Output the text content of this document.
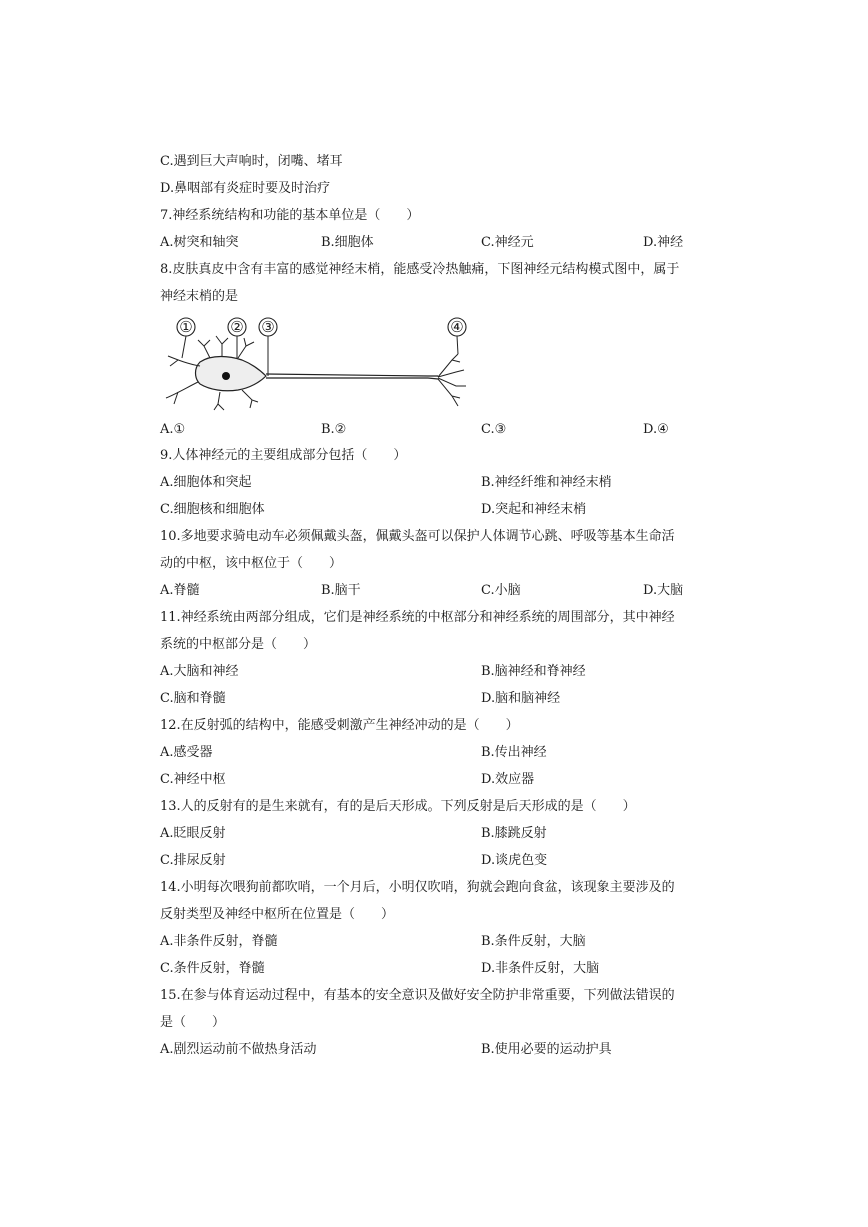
C.遇到巨大声响时，闭嘴、堵耳
D.鼻咽部有炎症时要及时治疗
7.神经系统结构和功能的基本单位是（　　）
A.树突和轴突	B.细胞体	C.神经元	D.神经
8.皮肤真皮中含有丰富的感觉神经末梢，能感受冷热触痛，下图神经元结构模式图中，属于
神经末梢的是
①	② ③	④
A.①	B.②	C.③	D.④
9.人体神经元的主要组成部分包括（　　）
A.细胞体和突起	B.神经纤维和神经末梢
C.细胞核和细胞体	D.突起和神经末梢
10.多地要求骑电动车必须佩戴头盔，佩戴头盔可以保护人体调节心跳、呼吸等基本生命活
动的中枢，该中枢位于（　　）
A.脊髓	B.脑干	C.小脑	D.大脑
11.神经系统由两部分组成，它们是神经系统的中枢部分和神经系统的周围部分，其中神经
系统的中枢部分是（　　）
A.大脑和神经	B.脑神经和脊神经
C.脑和脊髓	D.脑和脑神经
12.在反射弧的结构中，能感受刺激产生神经冲动的是（　　）
A.感受器	B.传出神经
C.神经中枢	D.效应器
13.人的反射有的是生来就有，有的是后天形成。下列反射是后天形成的是（　　）
A.眨眼反射	B.膝跳反射
C.排尿反射	D.谈虎色变
14.小明每次喂狗前都吹哨，一个月后，小明仅吹哨，狗就会跑向食盆，该现象主要涉及的
反射类型及神经中枢所在位置是（　　）
A.非条件反射，脊髓	B.条件反射，大脑
C.条件反射，脊髓	D.非条件反射，大脑
15.在参与体育运动过程中，有基本的安全意识及做好安全防护非常重要，下列做法错误的
是（　　）
A.剧烈运动前不做热身活动	B.使用必要的运动护具
